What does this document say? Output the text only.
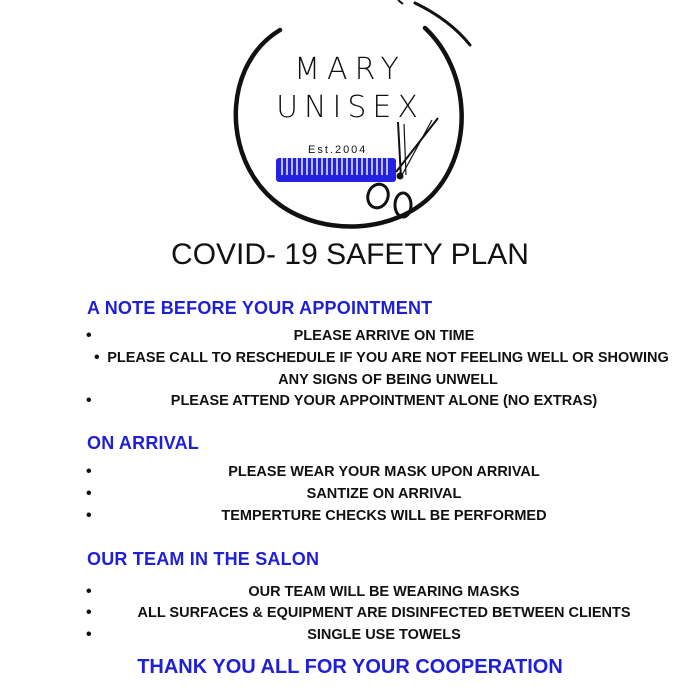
MARY
UNISEX
Est.2004
COVID- 19 SAFETY PLAN
A NOTE BEFORE YOUR APPOINTMENT
• PLEASE ARRIVE ON TIME
• PLEASE CALL TO RESCHEDULE IF YOU ARE NOT FEELING WELL OR SHOWING ANY SIGNS OF BEING UNWELL
• PLEASE ATTEND YOUR APPOINTMENT ALONE (NO EXTRAS)
ON ARRIVAL
• PLEASE WEAR YOUR MASK UPON ARRIVAL
• SANTIZE ON ARRIVAL
• TEMPERTURE CHECKS WILL BE PERFORMED
OUR TEAM IN THE SALON
• OUR TEAM WILL BE WEARING MASKS
• ALL SURFACES & EQUIPMENT ARE DISINFECTED BETWEEN CLIENTS
• SINGLE USE TOWELS
THANK YOU ALL FOR YOUR COOPERATION
